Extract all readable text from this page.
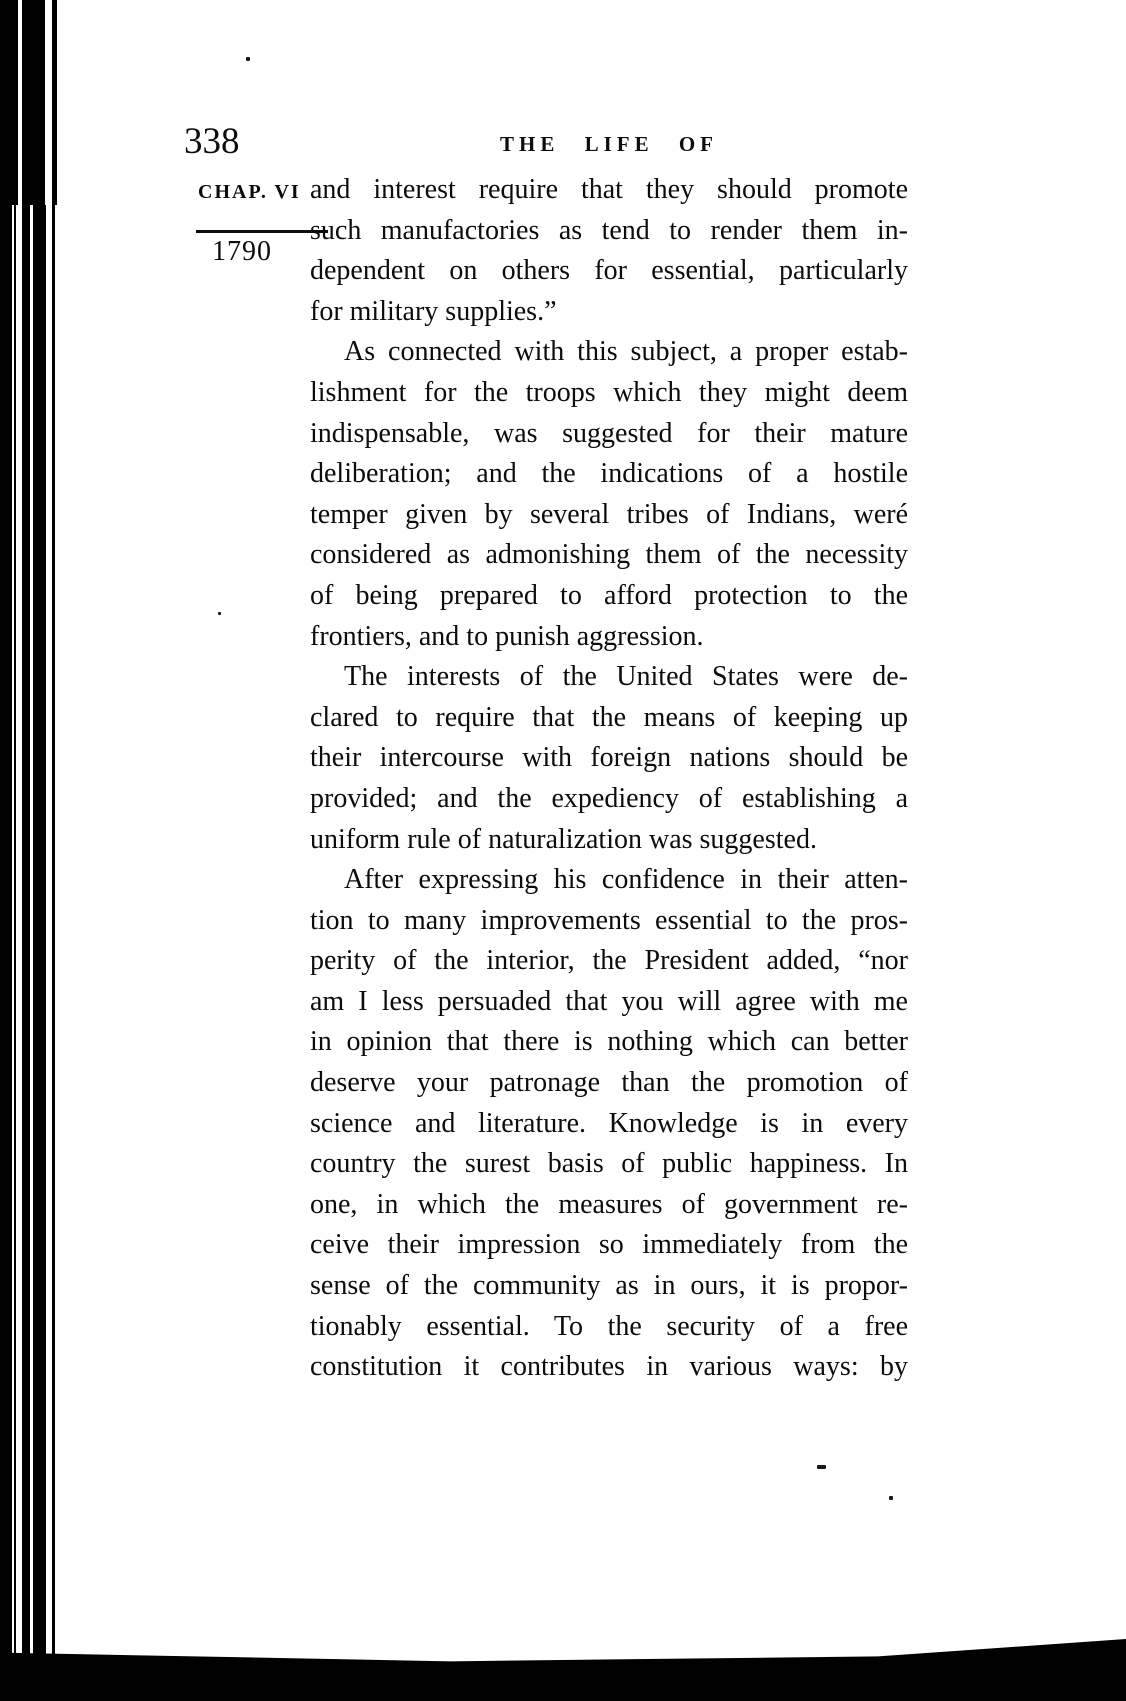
338	THE LIFE OF
CHAP. VI
1790
and interest require that they should promote
such manufactories as tend to render them in-
dependent on others for essential, particularly
for military supplies.”
As connected with this subject, a proper estab-
lishment for the troops which they might deem
indispensable, was suggested for their mature
deliberation; and the indications of a hostile
temper given by several tribes of Indians, weré
considered as admonishing them of the necessity
of being prepared to afford protection to the
frontiers, and to punish aggression.
The interests of the United States were de-
clared to require that the means of keeping up
their intercourse with foreign nations should be
provided; and the expediency of establishing a
uniform rule of naturalization was suggested.
After expressing his confidence in their atten-
tion to many improvements essential to the pros-
perity of the interior, the President added, “nor
am I less persuaded that you will agree with me
in opinion that there is nothing which can better
deserve your patronage than the promotion of
science and literature. Knowledge is in every
country the surest basis of public happiness. In
one, in which the measures of government re-
ceive their impression so immediately from the
sense of the community as in ours, it is propor-
tionably essential. To the security of a free
constitution it contributes in various ways: by
